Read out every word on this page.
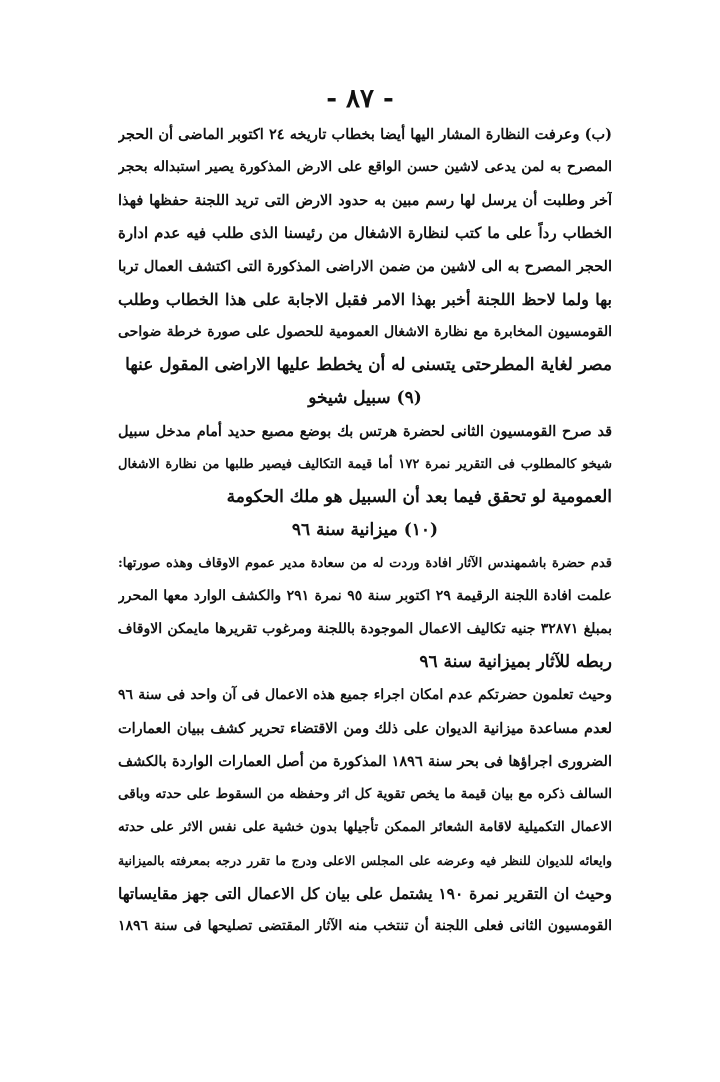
- ٨٧ -
(ب) وعرفت النظارة المشار اليها أيضا بخطاب تاريخه ٢٤ اكتوبر الماضى أن الحجر
المصرح به لمن يدعى لاشين حسن الواقع على الارض المذكورة يصير استبداله بحجر
آخر وطلبت أن يرسل لها رسم مبين به حدود الارض التى تريد اللجنة حفظها فهذا
الخطاب رداً على ما كتب لنظارة الاشغال من رئيسنا الذى طلب فيه عدم ادارة
الحجر المصرح به الى لاشين من ضمن الاراضى المذكورة التى اكتشف العمال تربا
بها ولما لاحظ اللجنة أخبر بهذا الامر فقبل الاجابة على هذا الخطاب وطلب
القومسيون المخابرة مع نظارة الاشغال العمومية للحصول على صورة خرطة ضواحى
مصر لغاية المطرحتى يتسنى له أن يخطط عليها الاراضى المقول عنها
(٩) سبيل شيخو
قد صرح القومسيون الثانى لحضرة هرتس بك بوضع مصبع حديد أمام مدخل سبيل
شيخو كالمطلوب فى التقرير نمرة ١٧٢ أما قيمة التكاليف فيصير طلبها من نظارة الاشغال
العمومية لو تحقق فيما بعد أن السبيل هو ملك الحكومة
(١٠) ميزانية سنة ٩٦
قدم حضرة باشمهندس الآثار افادة وردت له من سعادة مدير عموم الاوقاف وهذه صورتها:
علمت افادة اللجنة الرقيمة ٢٩ اكتوبر سنة ٩٥ نمرة ٢٩١ والكشف الوارد معها المحرر
بمبلغ ٣٢٨٧١ جنيه تكاليف الاعمال الموجودة باللجنة ومرغوب تقريرها مايمكن الاوقاف
ربطه للآثار بميزانية سنة ٩٦
وحيث تعلمون حضرتكم عدم امكان اجراء جميع هذه الاعمال فى آن واحد فى سنة ٩٦
لعدم مساعدة ميزانية الديوان على ذلك ومن الاقتضاء تحرير كشف ببيان العمارات
الضرورى اجراؤها فى بحر سنة ١٨٩٦ المذكورة من أصل العمارات الواردة بالكشف
السالف ذكره مع بيان قيمة ما يخص تقوية كل اثر وحفظه من السقوط على حدته وباقى
الاعمال التكميلية لاقامة الشعائر الممكن تأجيلها بدون خشية على نفس الاثر على حدته
وايعائه للديوان للنظر فيه وعرضه على المجلس الاعلى ودرج ما تقرر درجه بمعرفته بالميزانية
وحيث ان التقرير نمرة ١٩٠ يشتمل على بيان كل الاعمال التى جهز مقايساتها
القومسيون الثانى فعلى اللجنة أن تنتخب منه الآثار المقتضى تصليحها فى سنة ١٨٩٦
